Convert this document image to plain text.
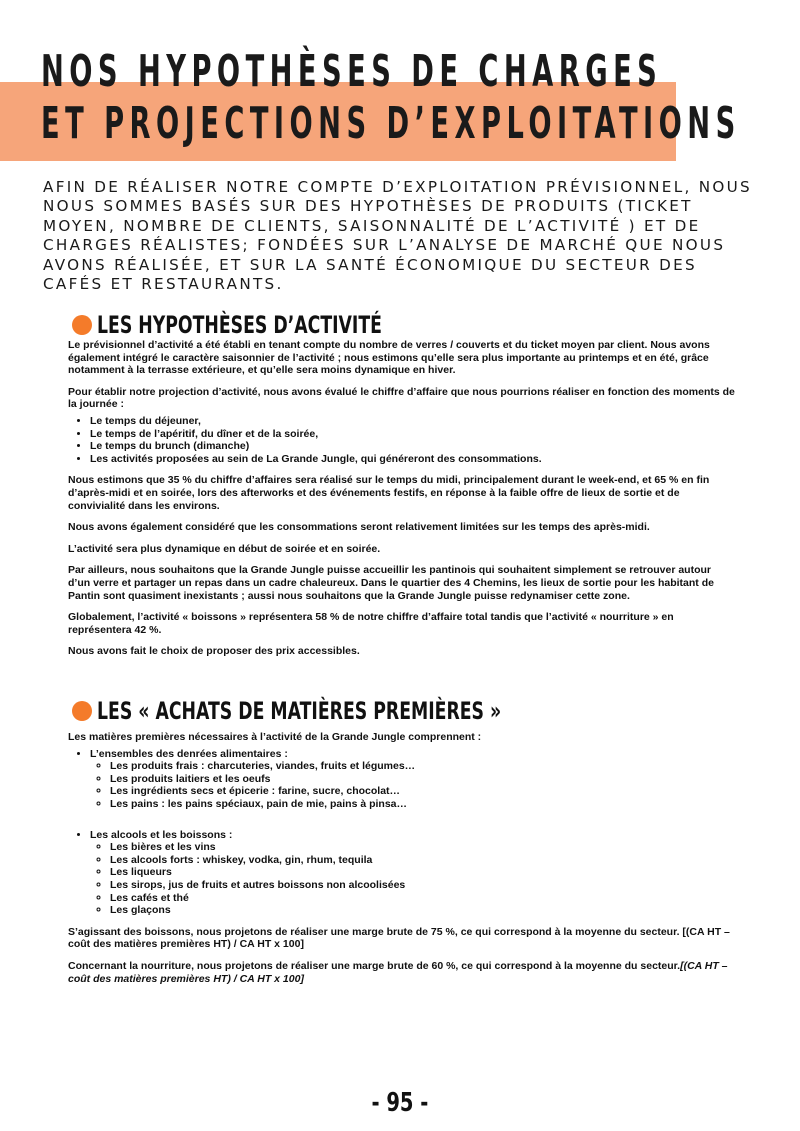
NOS HYPOTHÈSES DE CHARGES
ET PROJECTIONS D’EXPLOITATIONS

AFIN DE RÉALISER NOTRE COMPTE D’EXPLOITATION PRÉVISIONNEL, NOUS NOUS SOMMES BASÉS SUR DES HYPOTHÈSES DE PRODUITS (TICKET MOYEN, NOMBRE DE CLIENTS, SAISONNALITÉ DE L’ACTIVITÉ ) ET DE CHARGES RÉALISTES; FONDÉES SUR L’ANALYSE DE MARCHÉ QUE NOUS AVONS RÉALISÉE, ET SUR LA SANTÉ ÉCONOMIQUE DU SECTEUR DES CAFÉS ET RESTAURANTS.

LES HYPOTHÈSES D’ACTIVITÉ

Le prévisionnel d’activité a été établi en tenant compte du nombre de verres / couverts et du ticket moyen par client. Nous avons également intégré le caractère saisonnier de l’activité ; nous estimons qu’elle sera plus importante au printemps et en été, grâce notamment à la terrasse extérieure, et qu’elle sera moins dynamique en hiver.

Pour établir notre projection d’activité, nous avons évalué le chiffre d’affaire que nous pourrions réaliser en fonction des moments de la journée :

• Le temps du déjeuner,
• Le temps de l’apéritif, du dîner et de la soirée,
• Le temps du brunch (dimanche)
• Les activités proposées au sein de La Grande Jungle, qui généreront des consommations.

Nous estimons que 35 % du chiffre d’affaires sera réalisé sur le temps du midi, principalement durant le week-end, et 65 % en fin d’après-midi et en soirée, lors des afterworks et des événements festifs, en réponse à la faible offre de lieux de sortie et de convivialité dans les environs.

Nous avons également considéré que les consommations seront relativement limitées sur les temps des après-midi.

L’activité sera plus dynamique en début de soirée et en soirée.

Par ailleurs, nous souhaitons que la Grande Jungle puisse accueillir les pantinois qui souhaitent simplement se retrouver autour d’un verre et partager un repas dans un cadre chaleureux. Dans le quartier des 4 Chemins, les lieux de sortie pour les habitant de Pantin sont quasiment inexistants ; aussi nous souhaitons que la Grande Jungle puisse redynamiser cette zone.

Globalement, l’activité « boissons » représentera 58 % de notre chiffre d’affaire total tandis que l’activité « nourriture » en représentera 42 %.

Nous avons fait le choix de proposer des prix accessibles.

LES « ACHATS DE MATIÈRES PREMIÈRES »

Les matières premières nécessaires à l’activité de la Grande Jungle comprennent :

• L’ensembles des denrées alimentaires :
◦ Les produits frais : charcuteries, viandes, fruits et légumes…
◦ Les produits laitiers et les oeufs
◦ Les ingrédients secs et épicerie : farine, sucre, chocolat…
◦ Les pains : les pains spéciaux, pain de mie, pains à pinsa…
• Les alcools et les boissons :
◦ Les bières et les vins
◦ Les alcools forts : whiskey, vodka, gin, rhum, tequila
◦ Les liqueurs
◦ Les sirops, jus de fruits et autres boissons non alcoolisées
◦ Les cafés et thé
◦ Les glaçons

S’agissant des boissons, nous projetons de réaliser une marge brute de 75 %, ce qui correspond à la moyenne du secteur. [(CA HT – coût des matières premières HT) / CA HT x 100]

Concernant la nourriture, nous projetons de réaliser une marge brute de 60 %, ce qui correspond à la moyenne du secteur.[(CA HT – coût des matières premières HT) / CA HT x 100]

- 95 -
